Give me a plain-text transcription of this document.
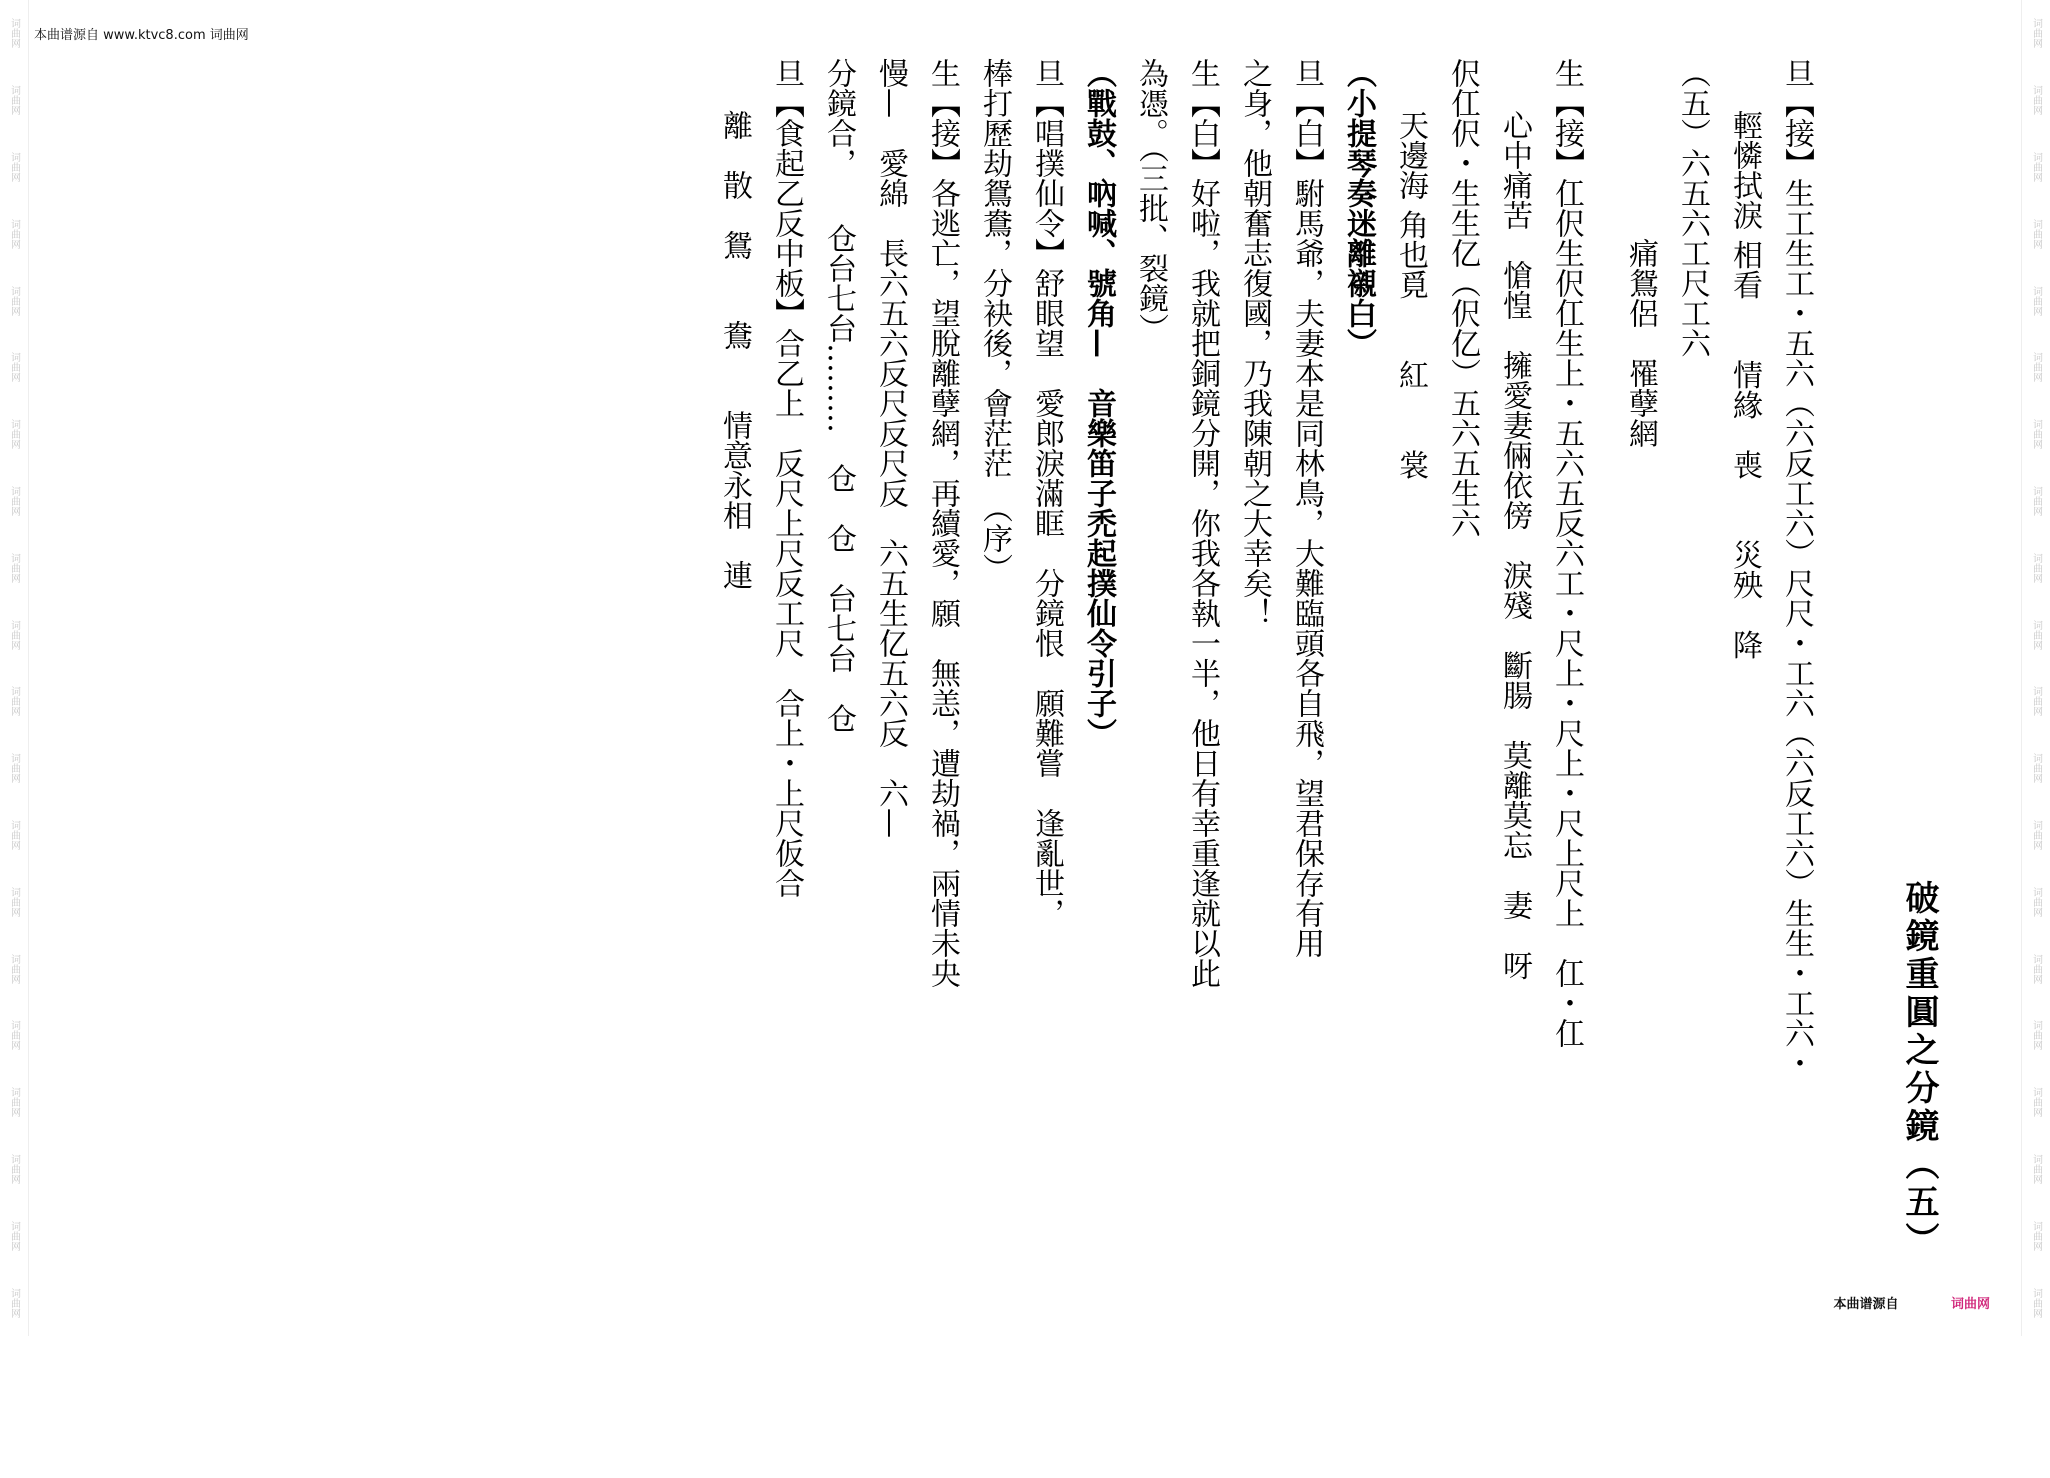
词曲网
词曲网
词曲网
词曲网
词曲网
词曲网
词曲网
词曲网
词曲网
词曲网
词曲网
词曲网
词曲网
词曲网
词曲网
词曲网
词曲网
词曲网
词曲网
词曲网
词曲网
词曲网
词曲网
词曲网
词曲网
词曲网
词曲网
词曲网
词曲网
词曲网
词曲网
词曲网
词曲网
词曲网
词曲网
词曲网
词曲网
词曲网
词曲网
词曲网
本曲谱源自 www.ktvc8.com 词曲网
破鏡重圓之分鏡（五）
旦【接】生工生工・五六（六反工六）尺尺・工六（六反工六）生生・工六・
輕憐拭淚 相看　　情緣　喪　　災殃　降
（五）六五六工尺工六
痛鴛侶　罹孽網
生【接】仜伬生伬仜生上・五六五反六工・尺上・尺上・尺上尺上　仜・仜
心中痛苦　愴惶　擁愛妻倆依傍　淚殘　斷腸　莫離莫忘　妻　呀
伬仜伬・生生亿（伬亿）五六五生六
天邊海 角也覓　　紅　　裳
（小提琴奏迷離襯白）
旦【白】駙馬爺，夫妻本是同林鳥，大難臨頭各自飛，望君保存有用
之身，他朝奮志復國，乃我陳朝之大幸矣！
生【白】好啦，我就把銅鏡分開，你我各執一半，他日有幸重逢就以此
為憑。（三批、裂鏡）
（戰鼓、吶喊、號角—　音樂笛子禿起撲仙令引子）
旦【唱撲仙令】舒眼望　愛郎淚滿眶　分鏡恨　願難嘗　逢亂世，
棒打歷劫鴛鴦，分袂後，會茫茫　（序）
生【接】各逃亡，望脫離孽網，再續愛，願　無恙，遭劫禍，兩情未央
慢—　愛綿　長六五六反尺反尺反　六五生亿五六反　六—
分鏡合，　　仓台七台………　仓　仓　台七台　仓
旦【食起乙反中板】合乙上　反尺上尺反工尺　合上・上尺仮合
離　散　鴛　　鴦　　情意永相　連
本曲谱源自	词曲网
